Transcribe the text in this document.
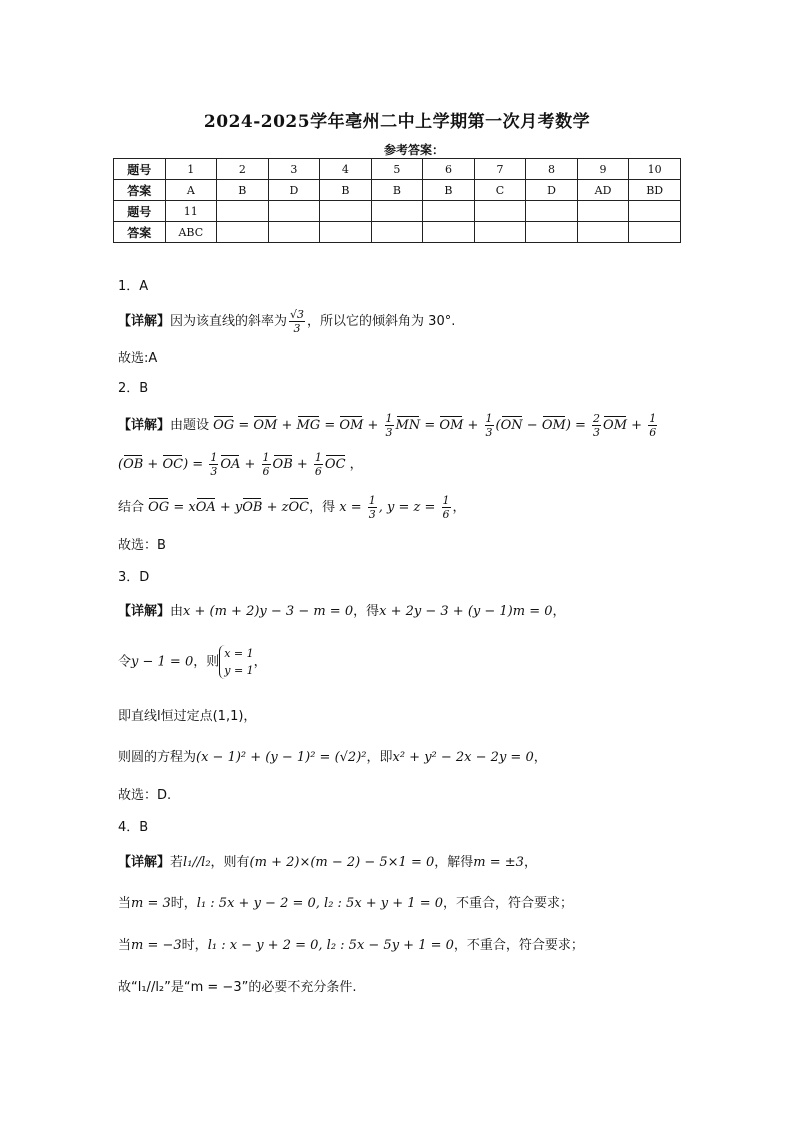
2024-2025学年亳州二中上学期第一次月考数学
参考答案：
题号	1	2	3	4	5	6	7	8	9	10
答案	A	B	D	B	B	B	C	D	AD	BD
题号	11									
答案	ABC									
1．A
【详解】因为该直线的斜率为 $\frac{√3}{3}$ ，所以它的倾斜角为 30°.
故选:A
2．B
【详解】由题设 OG = OM + MG = OM + $\frac{1}{3}$ MN = OM + $\frac{1}{3} (ON - OM) = \frac{2}{3}$ OM + $\frac{1}{6}$
$(OB + OC) = \frac{1}{3}$ OA + $\frac{1}{6}$ OB + $\frac{1}{6}$ OC ，
结合 OG = xOA + yOB + zOC，得 $x = \frac{1}{3}$ , $y = z = \frac{1}{6}$ ，
故选：B
3．D
【详解】由x + (m + 2)y − 3 − m = 0，得x + 2y − 3 + (y − 1)m = 0，
令y − 1 = 0，则
x = 1
y = 1
，
即直线l恒过定点(1,1)，
则圆的方程为(x − 1)² + (y − 1)² = (√2)²，即x² + y² − 2x − 2y = 0，
故选：D.
4．B
【详解】若l₁//l₂，则有(m + 2)×(m − 2) − 5×1 = 0，解得m = ±3，
当m = 3时，l₁ : 5x + y − 2 = 0, l₂ : 5x + y + 1 = 0，不重合，符合要求；
当m = −3时，l₁ : x − y + 2 = 0, l₂ : 5x − 5y + 1 = 0，不重合，符合要求；
故“l₁//l₂”是“m = −3”的必要不充分条件.
